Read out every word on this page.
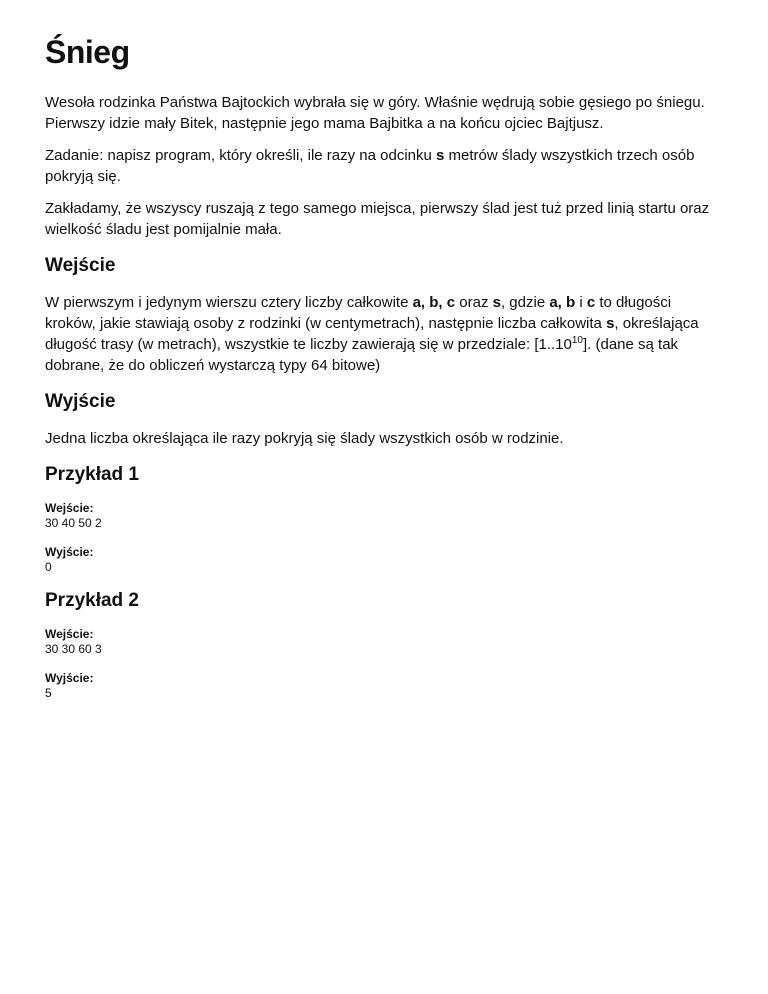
Śnieg

Wesoła rodzinka Państwa Bajtockich wybrała się w góry. Właśnie wędrują sobie gęsiego po śniegu. Pierwszy idzie mały Bitek, następnie jego mama Bajbitka a na końcu ojciec Bajtjusz.

Zadanie: napisz program, który określi, ile razy na odcinku s metrów ślady wszystkich trzech osób pokryją się.

Zakładamy, że wszyscy ruszają z tego samego miejsca, pierwszy ślad jest tuż przed linią startu oraz wielkość śladu jest pomijalnie mała.

Wejście

W pierwszym i jedynym wierszu cztery liczby całkowite a, b, c oraz s, gdzie a, b i c to długości kroków, jakie stawiają osoby z rodzinki (w centymetrach), następnie liczba całkowita s, określająca długość trasy (w metrach), wszystkie te liczby zawierają się w przedziale: [1..10$^{10}$]. (dane są tak dobrane, że do obliczeń wystarczą typy 64 bitowe)

Wyjście

Jedna liczba określająca ile razy pokryją się ślady wszystkich osób w rodzinie.

Przykład 1
Wejście:
30 40 50 2
Wyjście:
0
Przykład 2
Wejście:
30 30 60 3
Wyjście:
5
